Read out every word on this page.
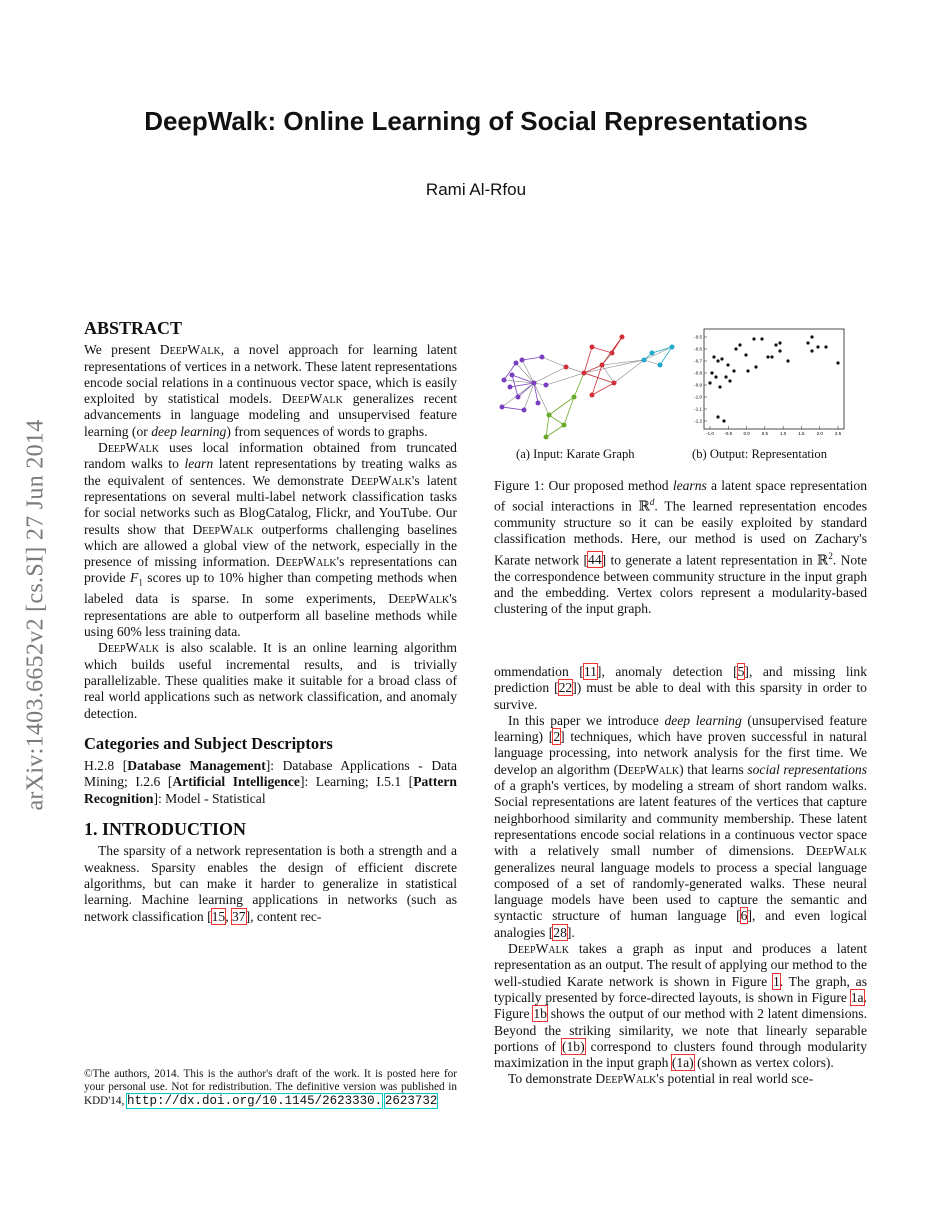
arXiv:1403.6652v2 [cs.SI] 27 Jun 2014
DeepWalk: Online Learning of Social Representations
Rami Al-Rfou
ABSTRACT

We present DeepWalk, a novel approach for learning latent representations of vertices in a network. These latent representations encode social relations in a continuous vector space, which is easily exploited by statistical models. DeepWalk generalizes recent advancements in language modeling and unsupervised feature learning (or deep learning) from sequences of words to graphs.

DeepWalk uses local information obtained from truncated random walks to learn latent representations by treating walks as the equivalent of sentences. We demonstrate DeepWalk's latent representations on several multi-label network classification tasks for social networks such as BlogCatalog, Flickr, and YouTube. Our results show that DeepWalk outperforms challenging baselines which are allowed a global view of the network, especially in the presence of missing information. DeepWalk's representations can provide $F_1$ scores up to 10% higher than competing methods when labeled data is sparse. In some experiments, DeepWalk's representations are able to outperform all baseline methods while using 60% less training data.

DeepWalk is also scalable. It is an online learning algorithm which builds useful incremental results, and is trivially parallelizable. These qualities make it suitable for a broad class of real world applications such as network classification, and anomaly detection.

Categories and Subject Descriptors

H.2.8 [Database Management]: Database Applications - Data Mining; I.2.6 [Artificial Intelligence]: Learning; I.5.1 [Pattern Recognition]: Model - Statistical

1. INTRODUCTION

The sparsity of a network representation is both a strength and a weakness. Sparsity enables the design of efficient discrete algorithms, but can make it harder to generalize in statistical learning. Machine learning applications in networks (such as network classification [15, 37], content rec-

©The authors, 2014. This is the author's draft of the work. It is posted here for your personal use. Not for redistribution. The definitive version was published in KDD'14, http://dx.doi.org/10.1145/2623330. 2623732
-0.5
-0.6
-0.7
-0.8
-0.9
-1.0
-1.1
-1.2
-1.0 -0.5	0.0	0.5	1.0	1.5	2.0	2.5
(a) Input: Karate Graph	(b) Output: Representation
Figure 1: Our proposed method learns a latent space representation of social interactions in ℝ$^d$. The learned representation encodes community structure so it can be easily exploited by standard classification methods. Here, our method is used on Zachary's Karate network [44] to generate a latent representation in ℝ$^2$. Note the correspondence between community structure in the input graph and the embedding. Vertex colors represent a modularity-based clustering of the input graph.

ommendation [11], anomaly detection [5], and missing link prediction [22]) must be able to deal with this sparsity in order to survive.

In this paper we introduce deep learning (unsupervised feature learning) [2] techniques, which have proven successful in natural language processing, into network analysis for the first time. We develop an algorithm (DeepWalk) that learns social representations of a graph's vertices, by modeling a stream of short random walks. Social representations are latent features of the vertices that capture neighborhood similarity and community membership. These latent representations encode social relations in a continuous vector space with a relatively small number of dimensions. DeepWalk generalizes neural language models to process a special language composed of a set of randomly-generated walks. These neural language models have been used to capture the semantic and syntactic structure of human language [6], and even logical analogies [28].

DeepWalk takes a graph as input and produces a latent representation as an output. The result of applying our method to the well-studied Karate network is shown in Figure 1. The graph, as typically presented by force-directed layouts, is shown in Figure 1a. Figure 1b shows the output of our method with 2 latent dimensions. Beyond the striking similarity, we note that linearly separable portions of (1b) correspond to clusters found through modularity maximization in the input graph (1a) (shown as vertex colors).

To demonstrate DeepWalk's potential in real world sce-
